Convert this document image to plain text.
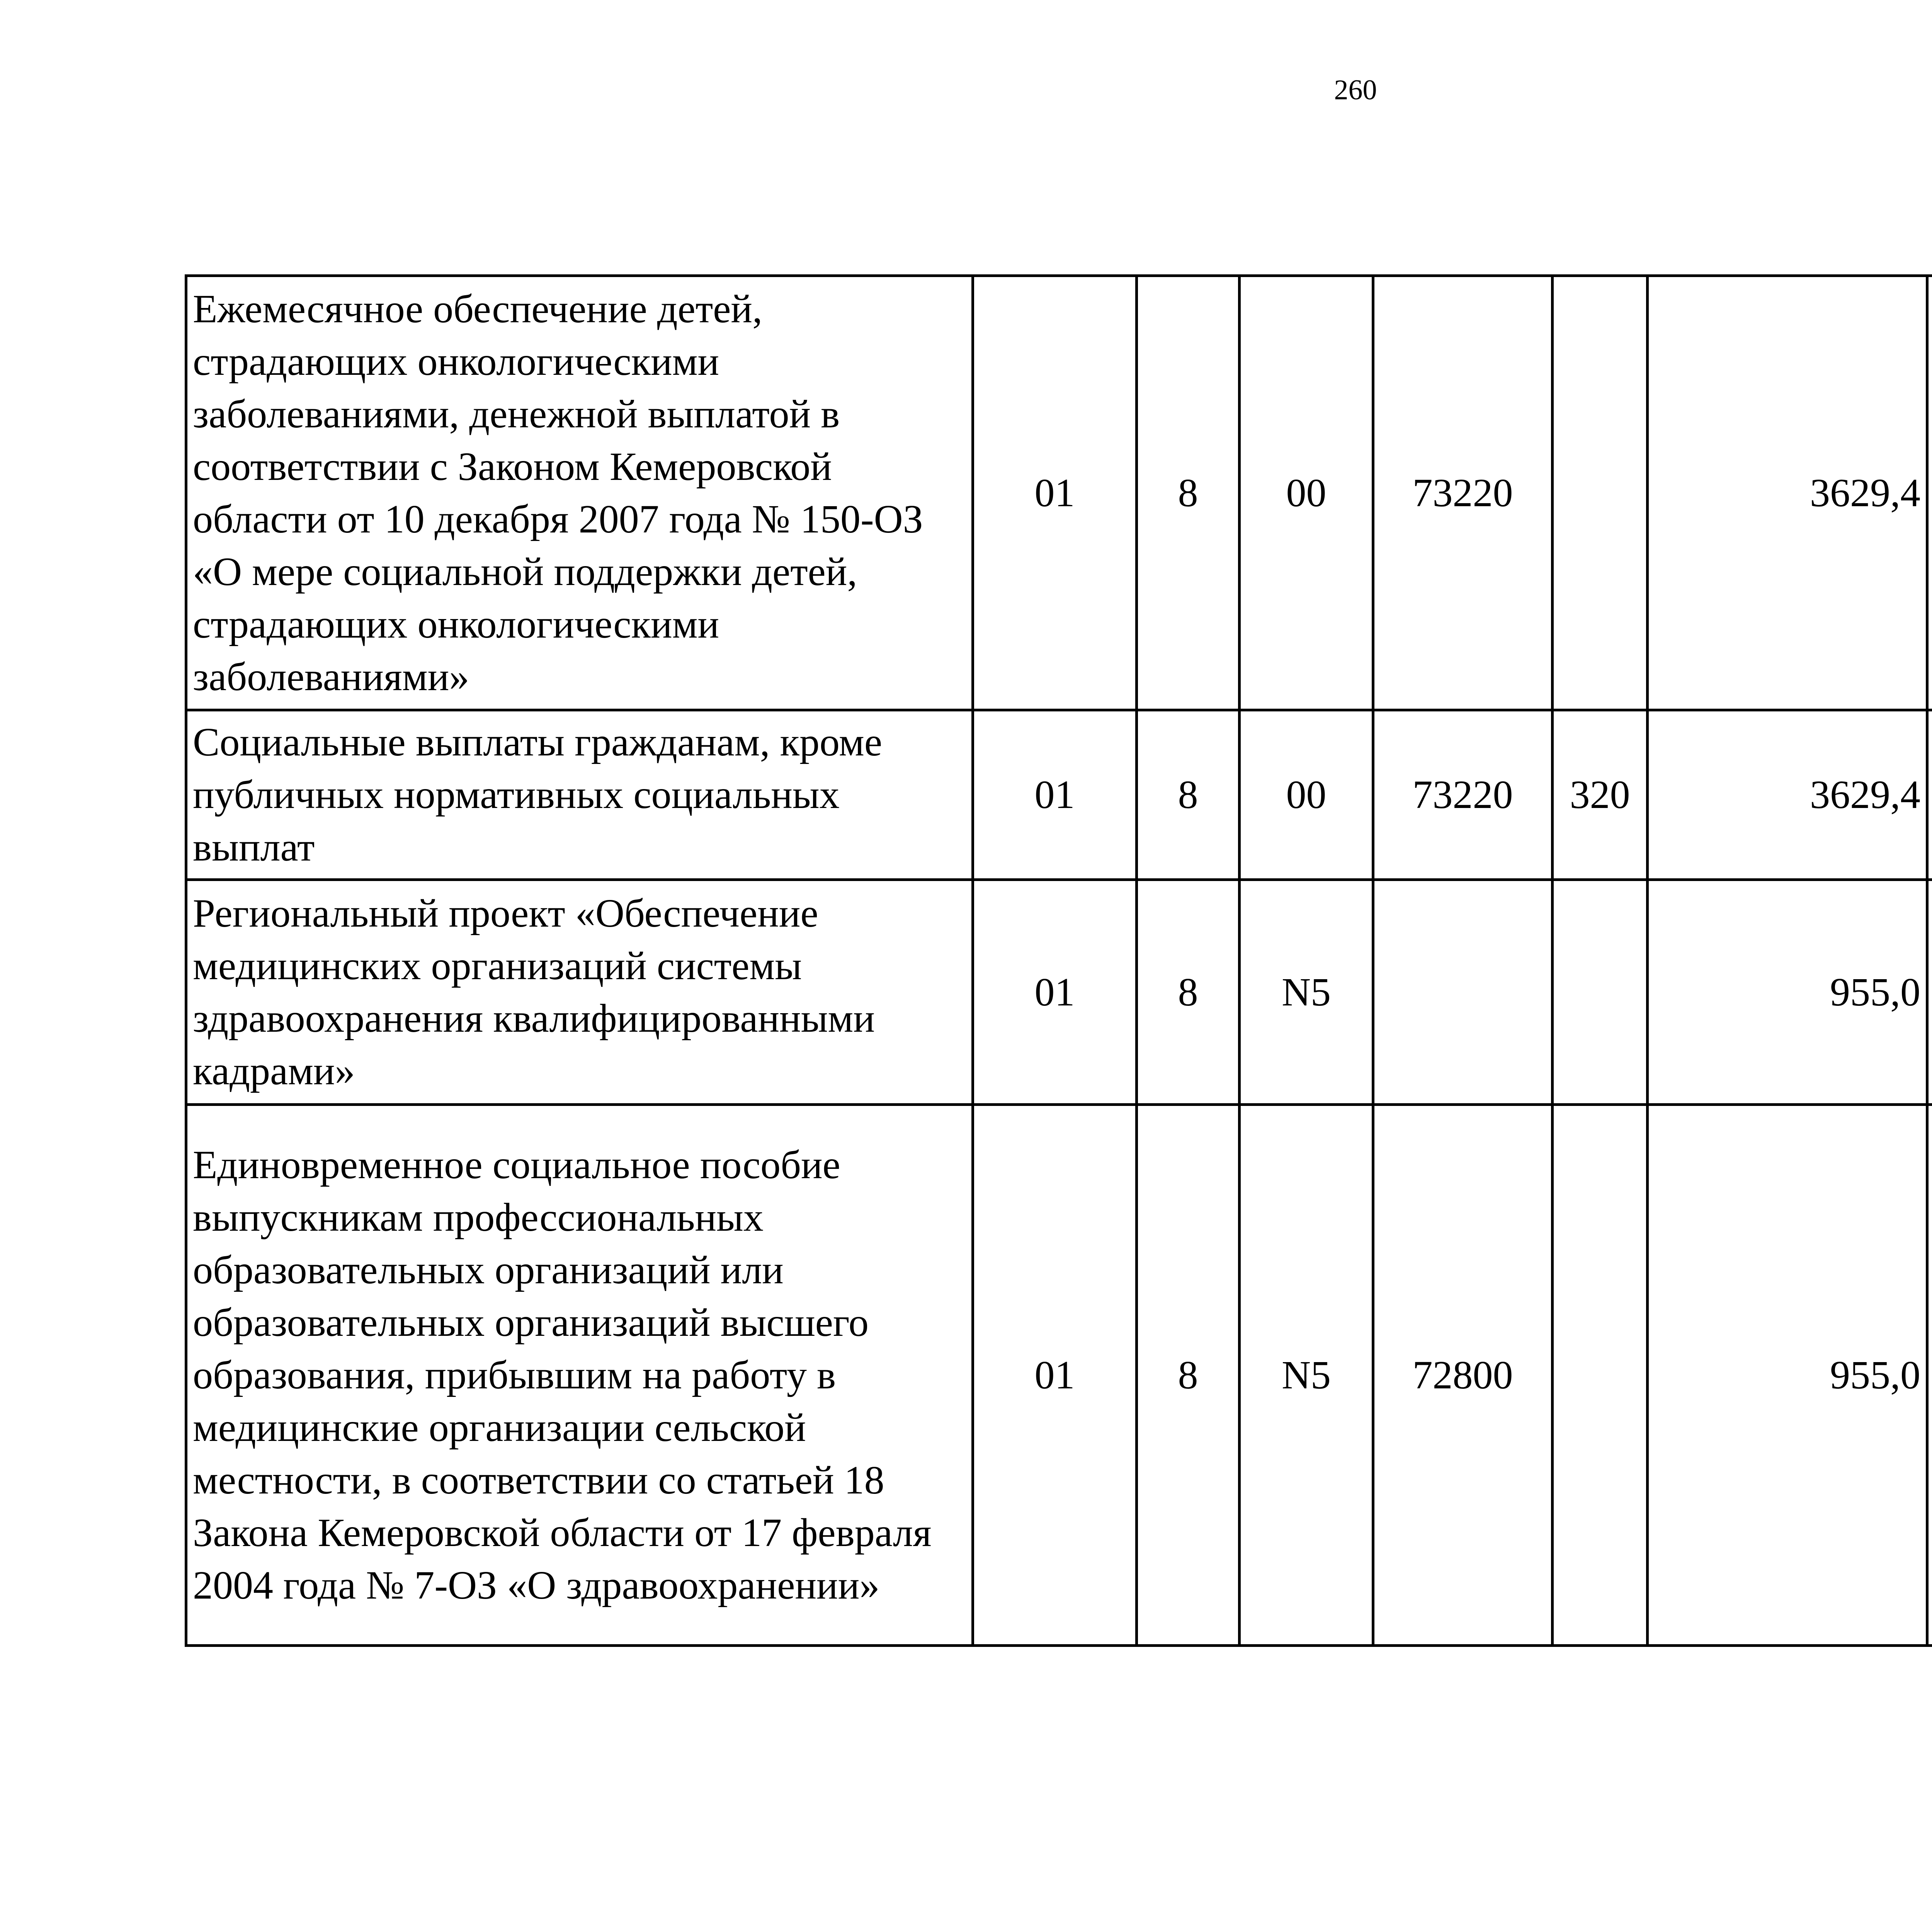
260
Ежемесячное обеспечение детей, страдающих онкологическими заболеваниями, денежной выплатой в соответствии с Законом Кемеровской области от 10 декабря 2007 года № 150-ОЗ «О мере социальной поддержки детей, страдающих онкологическими заболеваниями»	01	8	00	73220		3629,4		
Социальные выплаты гражданам, кроме публичных нормативных социальных выплат	01	8	00	73220	320	3629,4		
Региональный проект «Обеспечение медицинских организаций системы здравоохранения квалифицированными кадрами»	01	8	N5			955,0		
Единовременное социальное пособие выпускникам профессиональных образовательных организаций или образовательных организаций высшего образования, прибывшим на работу в медицинские организации сельской местности, в соответствии со статьей 18 Закона Кемеровской области от 17 февраля 2004 года № 7-ОЗ «О здравоохранении»	01	8	N5	72800		955,0		
